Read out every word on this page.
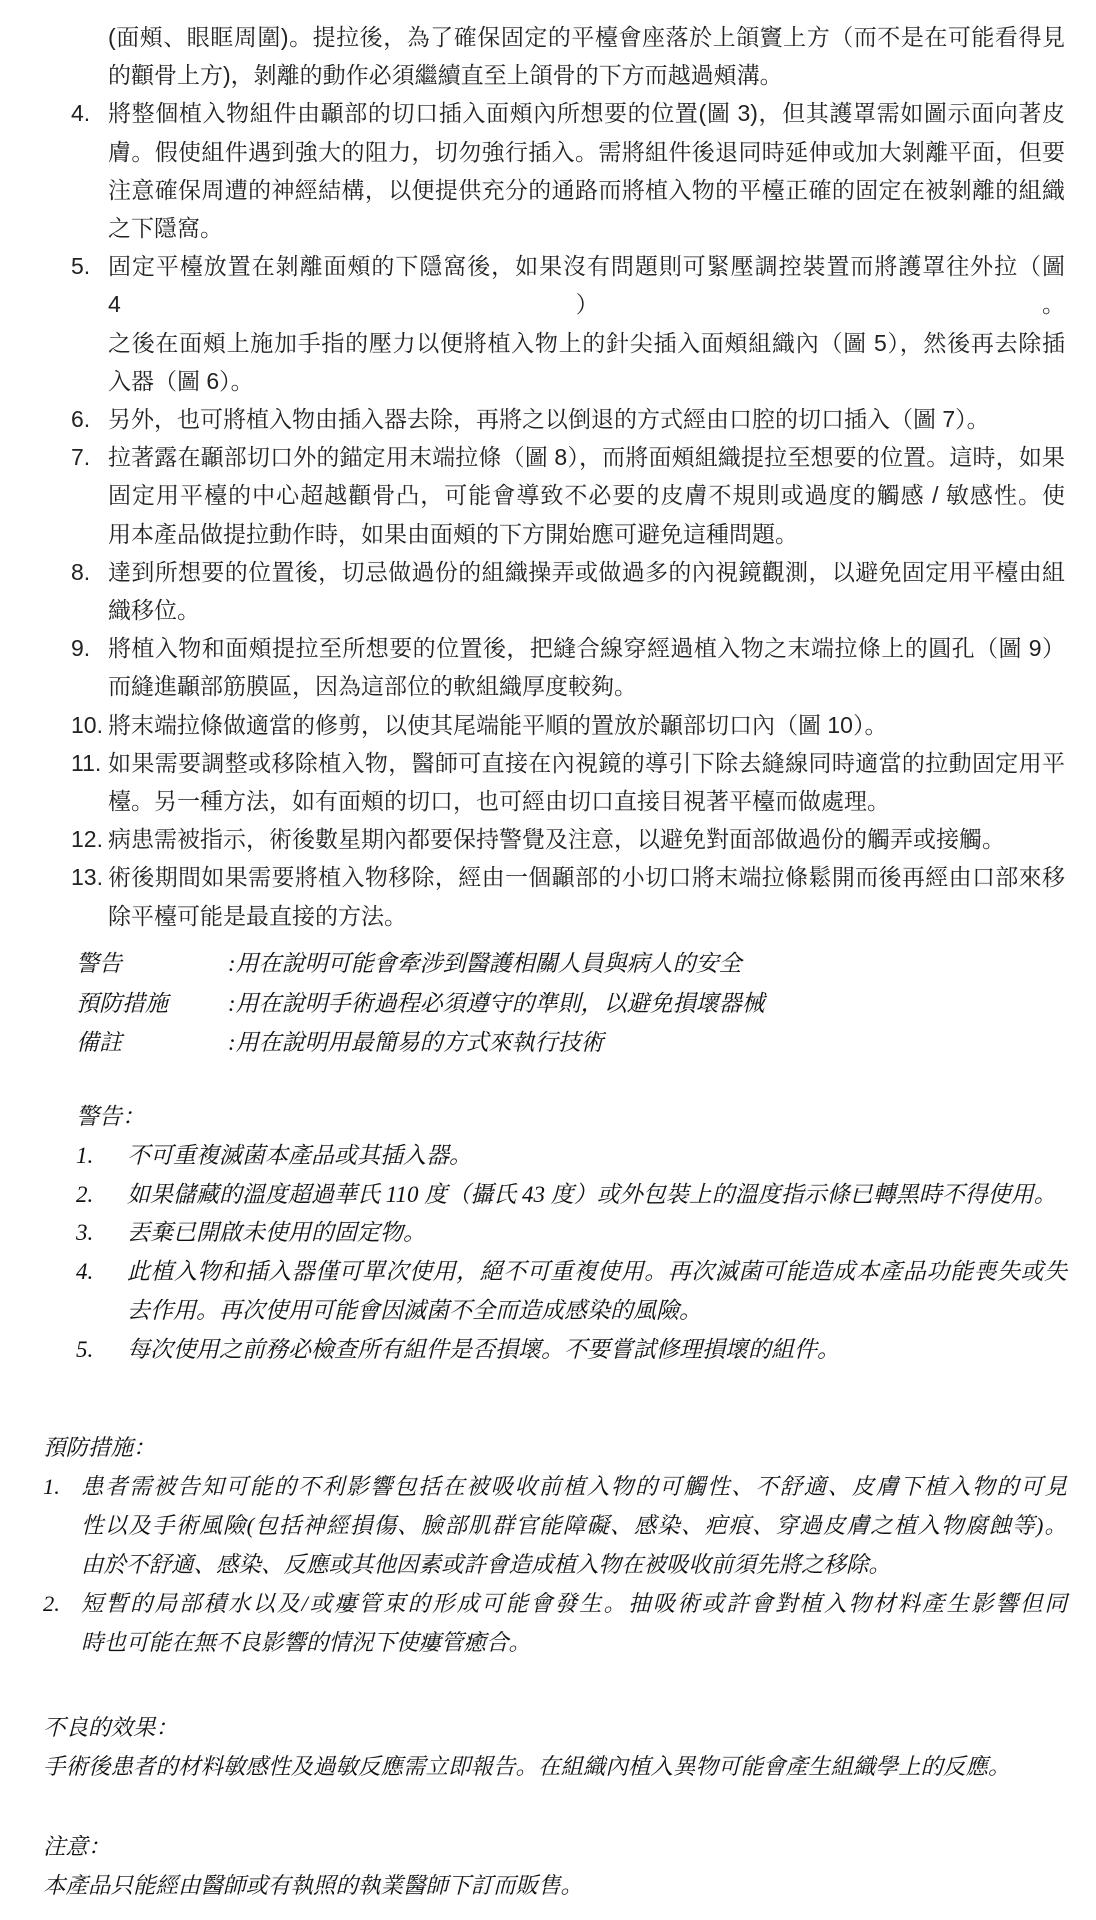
(面頰、眼眶周圍)。提拉後，為了確保固定的平檯會座落於上頜竇上方（而不是在可能看得見
的顴骨上方)，剝離的動作必須繼續直至上頜骨的下方而越過頰溝。
4. 將整個植入物組件由顳部的切口插入面頰內所想要的位置(圖 3)，但其護罩需如圖示面向著皮
膚。假使組件遇到強大的阻力，切勿強行插入。需將組件後退同時延伸或加大剝離平面，但要
注意確保周遭的神經結構，以便提供充分的通路而將植入物的平檯正確的固定在被剝離的組織
之下隱窩。
5. 固定平檯放置在剝離面頰的下隱窩後，如果沒有問題則可緊壓調控裝置而將護罩往外拉（圖 4）。
之後在面頰上施加手指的壓力以便將植入物上的針尖插入面頰組織內（圖 5），然後再去除插
入器（圖 6）。
6. 另外，也可將植入物由插入器去除，再將之以倒退的方式經由口腔的切口插入（圖 7）。
7. 拉著露在顳部切口外的錨定用末端拉條（圖 8），而將面頰組織提拉至想要的位置。這時，如果
固定用平檯的中心超越顴骨凸，可能會導致不必要的皮膚不規則或過度的觸感 / 敏感性。使
用本產品做提拉動作時，如果由面頰的下方開始應可避免這種問題。
8. 達到所想要的位置後，切忌做過份的組織操弄或做過多的內視鏡觀測，以避免固定用平檯由組
織移位。
9. 將植入物和面頰提拉至所想要的位置後，把縫合線穿經過植入物之末端拉條上的圓孔（圖 9）
而縫進顳部筋膜區，因為這部位的軟組織厚度較夠。
10. 將末端拉條做適當的修剪，以使其尾端能平順的置放於顳部切口內（圖 10）。
11. 如果需要調整或移除植入物，醫師可直接在內視鏡的導引下除去縫線同時適當的拉動固定用平
檯。另一種方法，如有面頰的切口，也可經由切口直接目視著平檯而做處理。
12. 病患需被指示，術後數星期內都要保持警覺及注意，以避免對面部做過份的觸弄或接觸。
13. 術後期間如果需要將植入物移除，經由一個顳部的小切口將末端拉條鬆開而後再經由口部來移
除平檯可能是最直接的方法。
警告	:用在說明可能會牽涉到醫護相關人員與病人的安全
預防措施	:用在說明手術過程必須遵守的準則，以避免損壞器械
備註	:用在說明用最簡易的方式來執行技術
警告：
1.	不可重複滅菌本產品或其插入器。
2.	如果儲藏的溫度超過華氏 110 度（攝氏 43 度）或外包裝上的溫度指示條已轉黑時不得使用。
3.	丟棄已開啟未使用的固定物。
4.	此植入物和插入器僅可單次使用，絕不可重複使用。再次滅菌可能造成本產品功能喪失或失
去作用。再次使用可能會因滅菌不全而造成感染的風險。
5.	每次使用之前務必檢查所有組件是否損壞。不要嘗試修理損壞的組件。
預防措施：
1. 患者需被告知可能的不利影響包括在被吸收前植入物的可觸性、不舒適、皮膚下植入物的可見
性以及手術風險(包括神經損傷、臉部肌群官能障礙、感染、疤痕、穿過皮膚之植入物腐蝕等)。
由於不舒適、感染、反應或其他因素或許會造成植入物在被吸收前須先將之移除。
2. 短暫的局部積水以及/或瘻管束的形成可能會發生。抽吸術或許會對植入物材料產生影響但同
時也可能在無不良影響的情況下使瘻管癒合。
不良的效果：
手術後患者的材料敏感性及過敏反應需立即報告。在組織內植入異物可能會產生組織學上的反應。
注意：
本產品只能經由醫師或有執照的執業醫師下訂而販售。
